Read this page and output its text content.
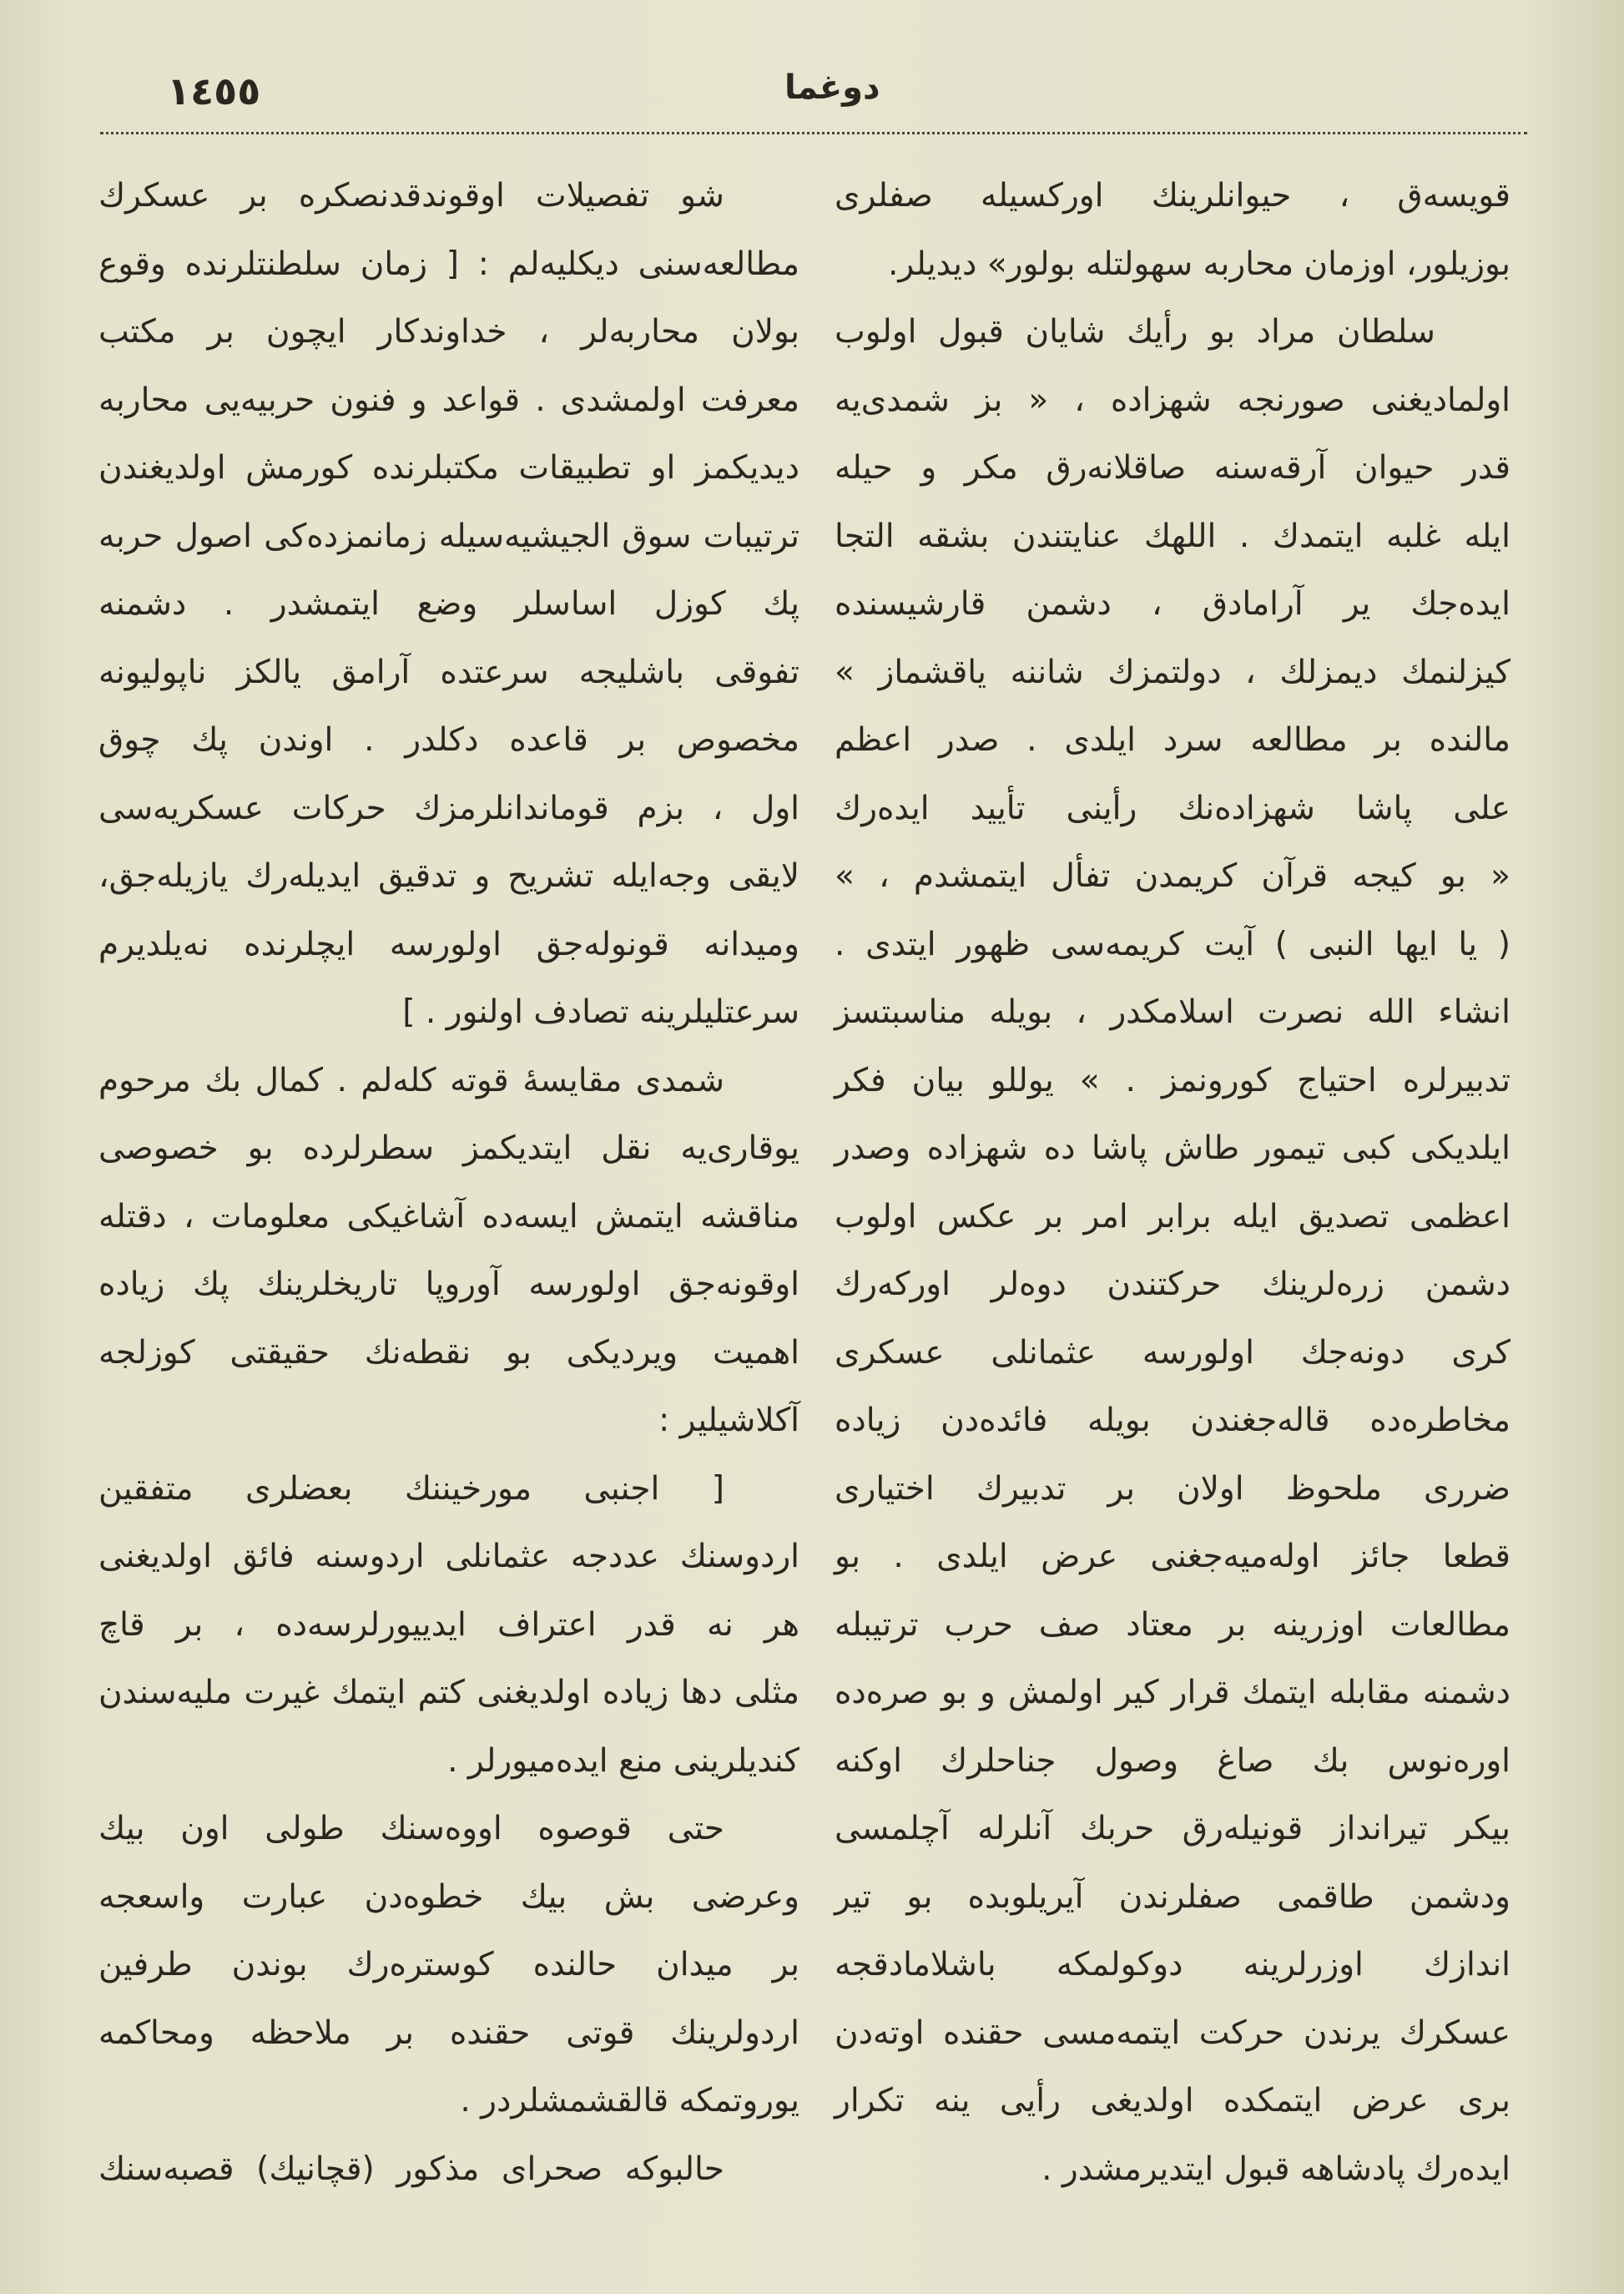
١٤٥٥	دوغما
قویسه‌ق ، حیوانلرینك اورکسیله صفلری
بوزیلور، اوزمان محاربه سهولتله بولور» دیدیلر.
سلطان مراد بو رأیك شایان قبول اولوب
اولمادیغنی صورنجه شهزاده ، « بز شمدی‌یه
قدر حیوان آرقه‌سنه صاقلانه‌رق مکر و حیله
ایله غلبه ایتمدك . اللهك عنایتندن بشقه التجا
ایده‌جك یر آرامادق ، دشمن قارشیسنده
کیزلنمك دیمزلك ، دولتمزك شاننه یاقشماز »
مالنده بر مطالعه سرد ایلدی . صدر اعظم
علی پاشا شهزاده‌نك رأینی تأیید ایده‌رك
« بو کیجه قرآن کریمدن تفأل ایتمشدم ، »
( یا ایها النبی ) آیت کریمه‌سی ظهور ایتدی .
انشاء الله نصرت اسلامکدر ، بویله مناسبتسز
تدبیرلره احتیاج کورونمز . » یوللو بیان فکر
ایلدیکی کبی تیمور طاش پاشا ده شهزاده وصدر
اعظمی تصدیق ایله برابر امر بر عکس اولوب
دشمن زره‌لرینك حرکتندن دوه‌لر اورکه‌رك
کری دونه‌جك اولورسه عثمانلی عسکری
مخاطره‌ده قاله‌جغندن بویله فائده‌دن زیاده
ضرری ملحوظ اولان بر تدبیرك اختیاری
قطعا جائز اوله‌میه‌جغنی عرض ایلدی . بو
مطالعات اوزرینه بر معتاد صف حرب ترتیبله
دشمنه مقابله ایتمك قرار کیر اولمش و بو صره‌ده
اوره‌نوس بك صاغ وصول جناحلرك اوکنه
بیکر تیرانداز قونیله‌رق حربك آنلرله آچلمسی
ودشمن طاقمی صفلرندن آیریلوبده بو تیر
اندازك اوزرلرینه دوکولمکه باشلامادقجه
عسکرك یرندن حرکت ایتمه‌مسی حقنده اوته‌دن
بری عرض ایتمکده اولدیغی رأیی ینه تکرار
ایده‌رك پادشاهه قبول ایتدیرمشدر .
شو تفصیلات اوقوندقدنصکره بر عسکرك
مطالعه‌سنی دیکلیه‌لم : [ زمان سلطنتلرنده وقوع
بولان محاربه‌لر ، خداوندکار ایچون بر مکتب
معرفت اولمشدی . قواعد و فنون حربیه‌یی محاربه
دیدیکمز او تطبیقات مکتبلرنده کورمش اولدیغندن
ترتیبات سوق الجیشیه‌سیله زمانمزده‌کی اصول حربه
پك کوزل اساسلر وضع ایتمشدر . دشمنه
تفوقی باشلیجه سرعتده آرامق یالکز ناپولیونه
مخصوص بر قاعده دکلدر . اوندن پك چوق
اول ، بزم قوماندانلرمزك حرکات عسکریه‌سی
لایقی وجه‌ایله تشریح و تدقیق ایدیله‌رك یازیله‌جق،
ومیدانه قونوله‌جق اولورسه ایچلرنده نه‌یلدیرم
سرعتلیلرینه تصادف اولنور . ]
شمدی مقایسهٔ قوته کله‌لم . کمال بك مرحوم
یوقاری‌یه نقل ایتدیکمز سطرلرده بو خصوصی
مناقشه ایتمش ایسه‌ده آشاغیکی معلومات ، دقتله
اوقونه‌جق اولورسه آوروپا تاریخلرینك پك زیاده
اهمیت ویردیکی بو نقطه‌نك حقیقتی کوزلجه
آکلاشیلیر :
[ اجنبی مورخیننك بعضلری متفقین
اردوسنك عددجه عثمانلی اردوسنه فائق اولدیغنی
هر نه قدر اعتراف ایدییورلرسه‌ده ، بر قاچ
مثلی دها زیاده اولدیغنی کتم ایتمك غیرت ملیه‌سندن
کندیلرینی منع ایده‌میورلر .
حتی قوصوه اووه‌سنك طولی اون بیك
وعرضی بش بیك خطوه‌دن عبارت واسعجه
بر میدان حالنده کوستره‌رك بوندن طرفین
اردولرینك قوتی حقنده بر ملاحظه ومحاکمه
یوروتمکه قالقشمشلردر .
حالبوکه صحرای مذکور (قچانیك) قصبه‌سنك
